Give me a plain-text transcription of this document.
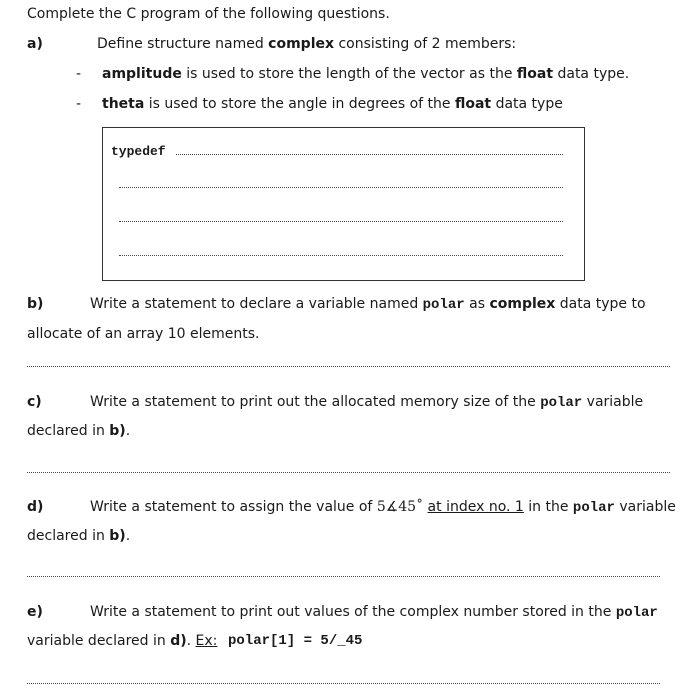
Complete the C program of the following questions.
a)	Define structure named complex consisting of 2 members:
- amplitude is used to store the length of the vector as the float data type.
- theta is used to store the angle in degrees of the float data type
typedef
b)	Write a statement to declare a variable named polar as complex data type to
allocate of an array 10 elements.
c)	Write a statement to print out the allocated memory size of the polar variable
declared in b).
d)	Write a statement to assign the value of 5∡45˚ at index no. 1 in the polar variable
declared in b).
e)	Write a statement to print out values of the complex number stored in the polar
variable declared in d). Ex: polar[1] = 5/_45
